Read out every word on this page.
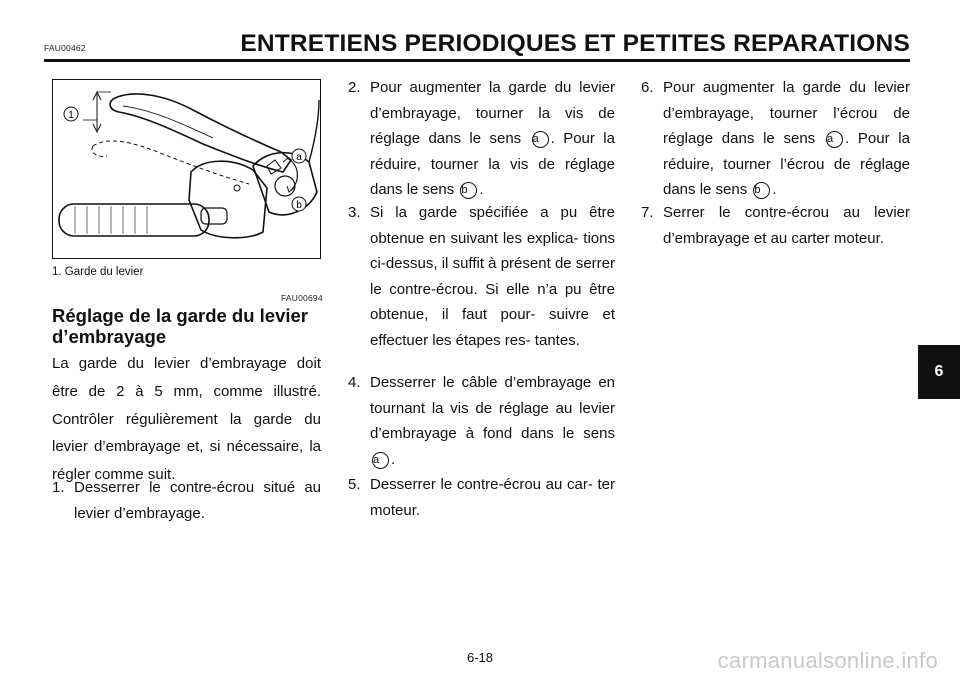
FAU00462	ENTRETIENS PERIODIQUES ET PETITES REPARATIONS
1
a
b
1. Garde du levier
FAU00694
Réglage de la garde du levier d’embrayage
La garde du levier d’embrayage doit être de 2 à 5 mm, comme illustré. Contrôler régulièrement la garde du levier d’embrayage et, si nécessaire, la régler comme suit.
1. Desserrer le contre-écrou situé au levier d’embrayage.
2. Pour augmenter la garde du levier d’embrayage, tourner la vis de réglage dans le sens a . Pour la réduire, tourner la vis de réglage dans le sens b .
3. Si la garde spécifiée a pu être obtenue en suivant les explica- tions ci-dessus, il suffit à présent de serrer le contre-écrou. Si elle n’a pu être obtenue, il faut pour- suivre et effectuer les étapes res- tantes.
4. Desserrer le câble d’embrayage en tournant la vis de réglage au levier d’embrayage à fond dans le sens a .
5. Desserrer le contre-écrou au car- ter moteur.
6. Pour augmenter la garde du levier d’embrayage, tourner l’écrou de réglage dans le sens a . Pour la réduire, tourner l’écrou de réglage dans le sens b .
7. Serrer le contre-écrou au levier d’embrayage et au carter moteur.
6
6-18	carmanualsonline.info
